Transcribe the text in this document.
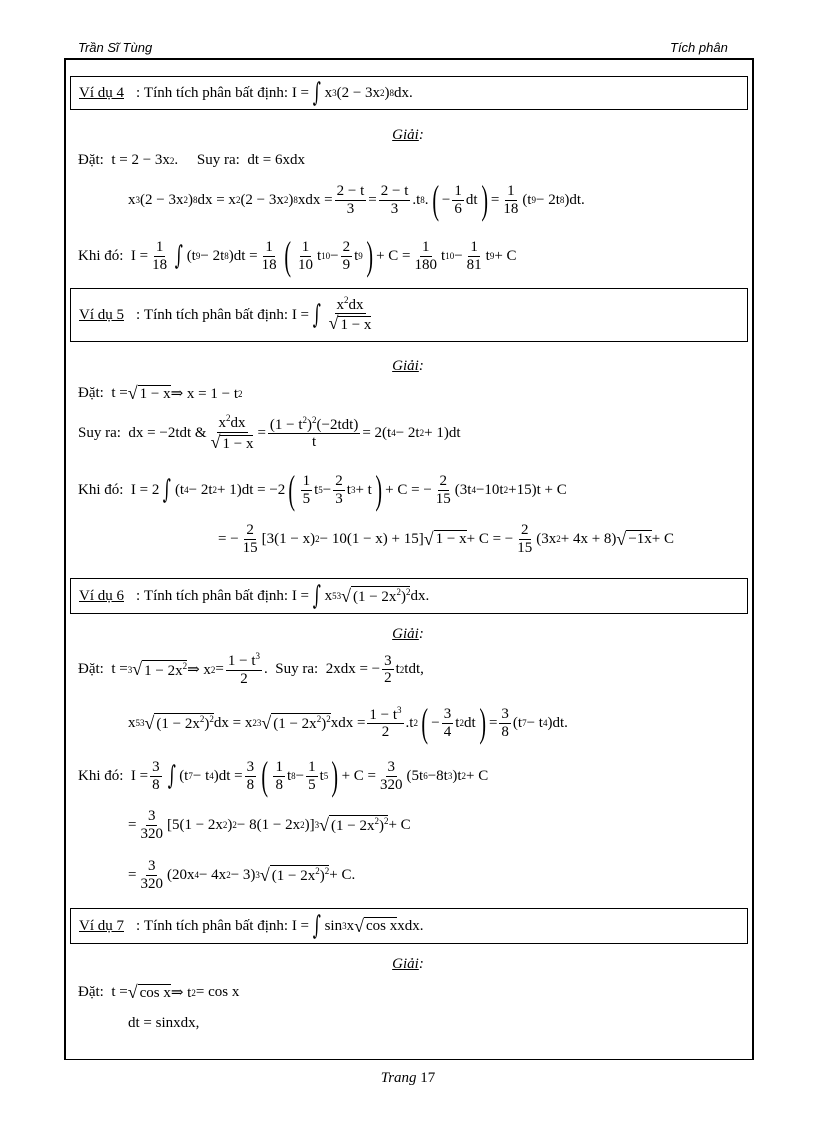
Trần Sĩ Tùng	Tích phân
Ví dụ 4 : Tính tích phân bất định: I = ∫ x 3 (2 − 3x 2 ) 8 dx.
Giải:
Đặt: t = 2 − 3x 2 . Suy ra: dt = 6xdx
x 3 (2 − 3x 2 ) 8 dx = x 2 (2 − 3x 2 ) 8 xdx = $\frac{2 - t}{3} = \frac{2 - t}{3} .t$ 8 . ( − $\frac{1}{6}$ dt ) = $\frac{1}{18} (t$ 9 − 2t 8 )dt.
Khi đó: $I = \frac{1}{18}$ ∫ (t 9 − 2t 8 )$dt = \frac{1}{18}$ ( $\frac{1}{10}$ t $10 - \frac{2}{9}$ t 9 ) + $C = \frac{1}{180}$ t $10 - \frac{1}{81}$ t 9 + C
Ví dụ 5 : Tính tích phân bất định: I = ∫ $\frac{x^2dx}{√ 1 - x}$
Giải:
Đặt: t = √ 1 − x ⇒ x = 1 − t 2
Suy ra: dx = −2tdt & $\frac{x^2dx}{√ 1 - x} = \frac{(1 - t^2)^2(-2tdt)}{t} = 2(t$ 4 − 2t 2 + 1)dt
Khi đó: I = 2 ∫ (t 4 − 2t 2 + 1)dt = −2 ( $\frac{1}{5}$ t $5 - \frac{2}{3}$ t 3 + t ) + C = − $\frac{2}{15} (3t$ 4 −10t 2 +15)t + C
= − $\frac{2}{15} [3(1 - x) 2 - 10(1 - x) + 15]$ √ 1 − x + C = − $\frac{2}{15} (3x$ 2 + 4x + 8) √ −1x + C
Ví dụ 6 : Tính tích phân bất định: I = ∫ x 5 3 √ $(1 - 2x^2)^2$ dx.
Giải:
Đặt: t = 3 √ $1 - 2x^2$ ⇒ x $2 = \frac{1 - t^3}{2}$ . Suy ra: 2xdx = − $\frac{3}{2}$ t 2 tdt,
x 5 3 √ $(1 - 2x^2)^2$ dx = x 2 3 √ $(1 - 2x^2)^2$ xdx = $\frac{1 - t^3}{2} .t$ 2 ( − $\frac{3}{4}$ t 2 dt ) = $\frac{3}{8} (t$ 7 − t 4 )dt.
Khi đó: $I = \frac{3}{8}$ ∫ (t 7 − t 4 )$dt = \frac{3}{8}$ ( $\frac{1}{8}$ t $8 - \frac{1}{5}$ t 5 ) + $C = \frac{3}{320} (5t$ 6 −8t 3 )t 2 + C
= $\frac{3}{320} [5(1 - 2x$ 2 ) 2 − 8(1 − 2x 2 )] 3 √ $(1 - 2x^2)^2 + C$
= $\frac{3}{320} (20x$ 4 − 4x 2 − 3) 3 √ $(1 - 2x^2)^2 + C$.
Ví dụ 7 : Tính tích phân bất định: I = ∫ sin 3 x √ cos x xdx.
Giải:
Đặt: t = √ cos x ⇒ t 2 = cos x
dt = sinxdx,
Trang 17
